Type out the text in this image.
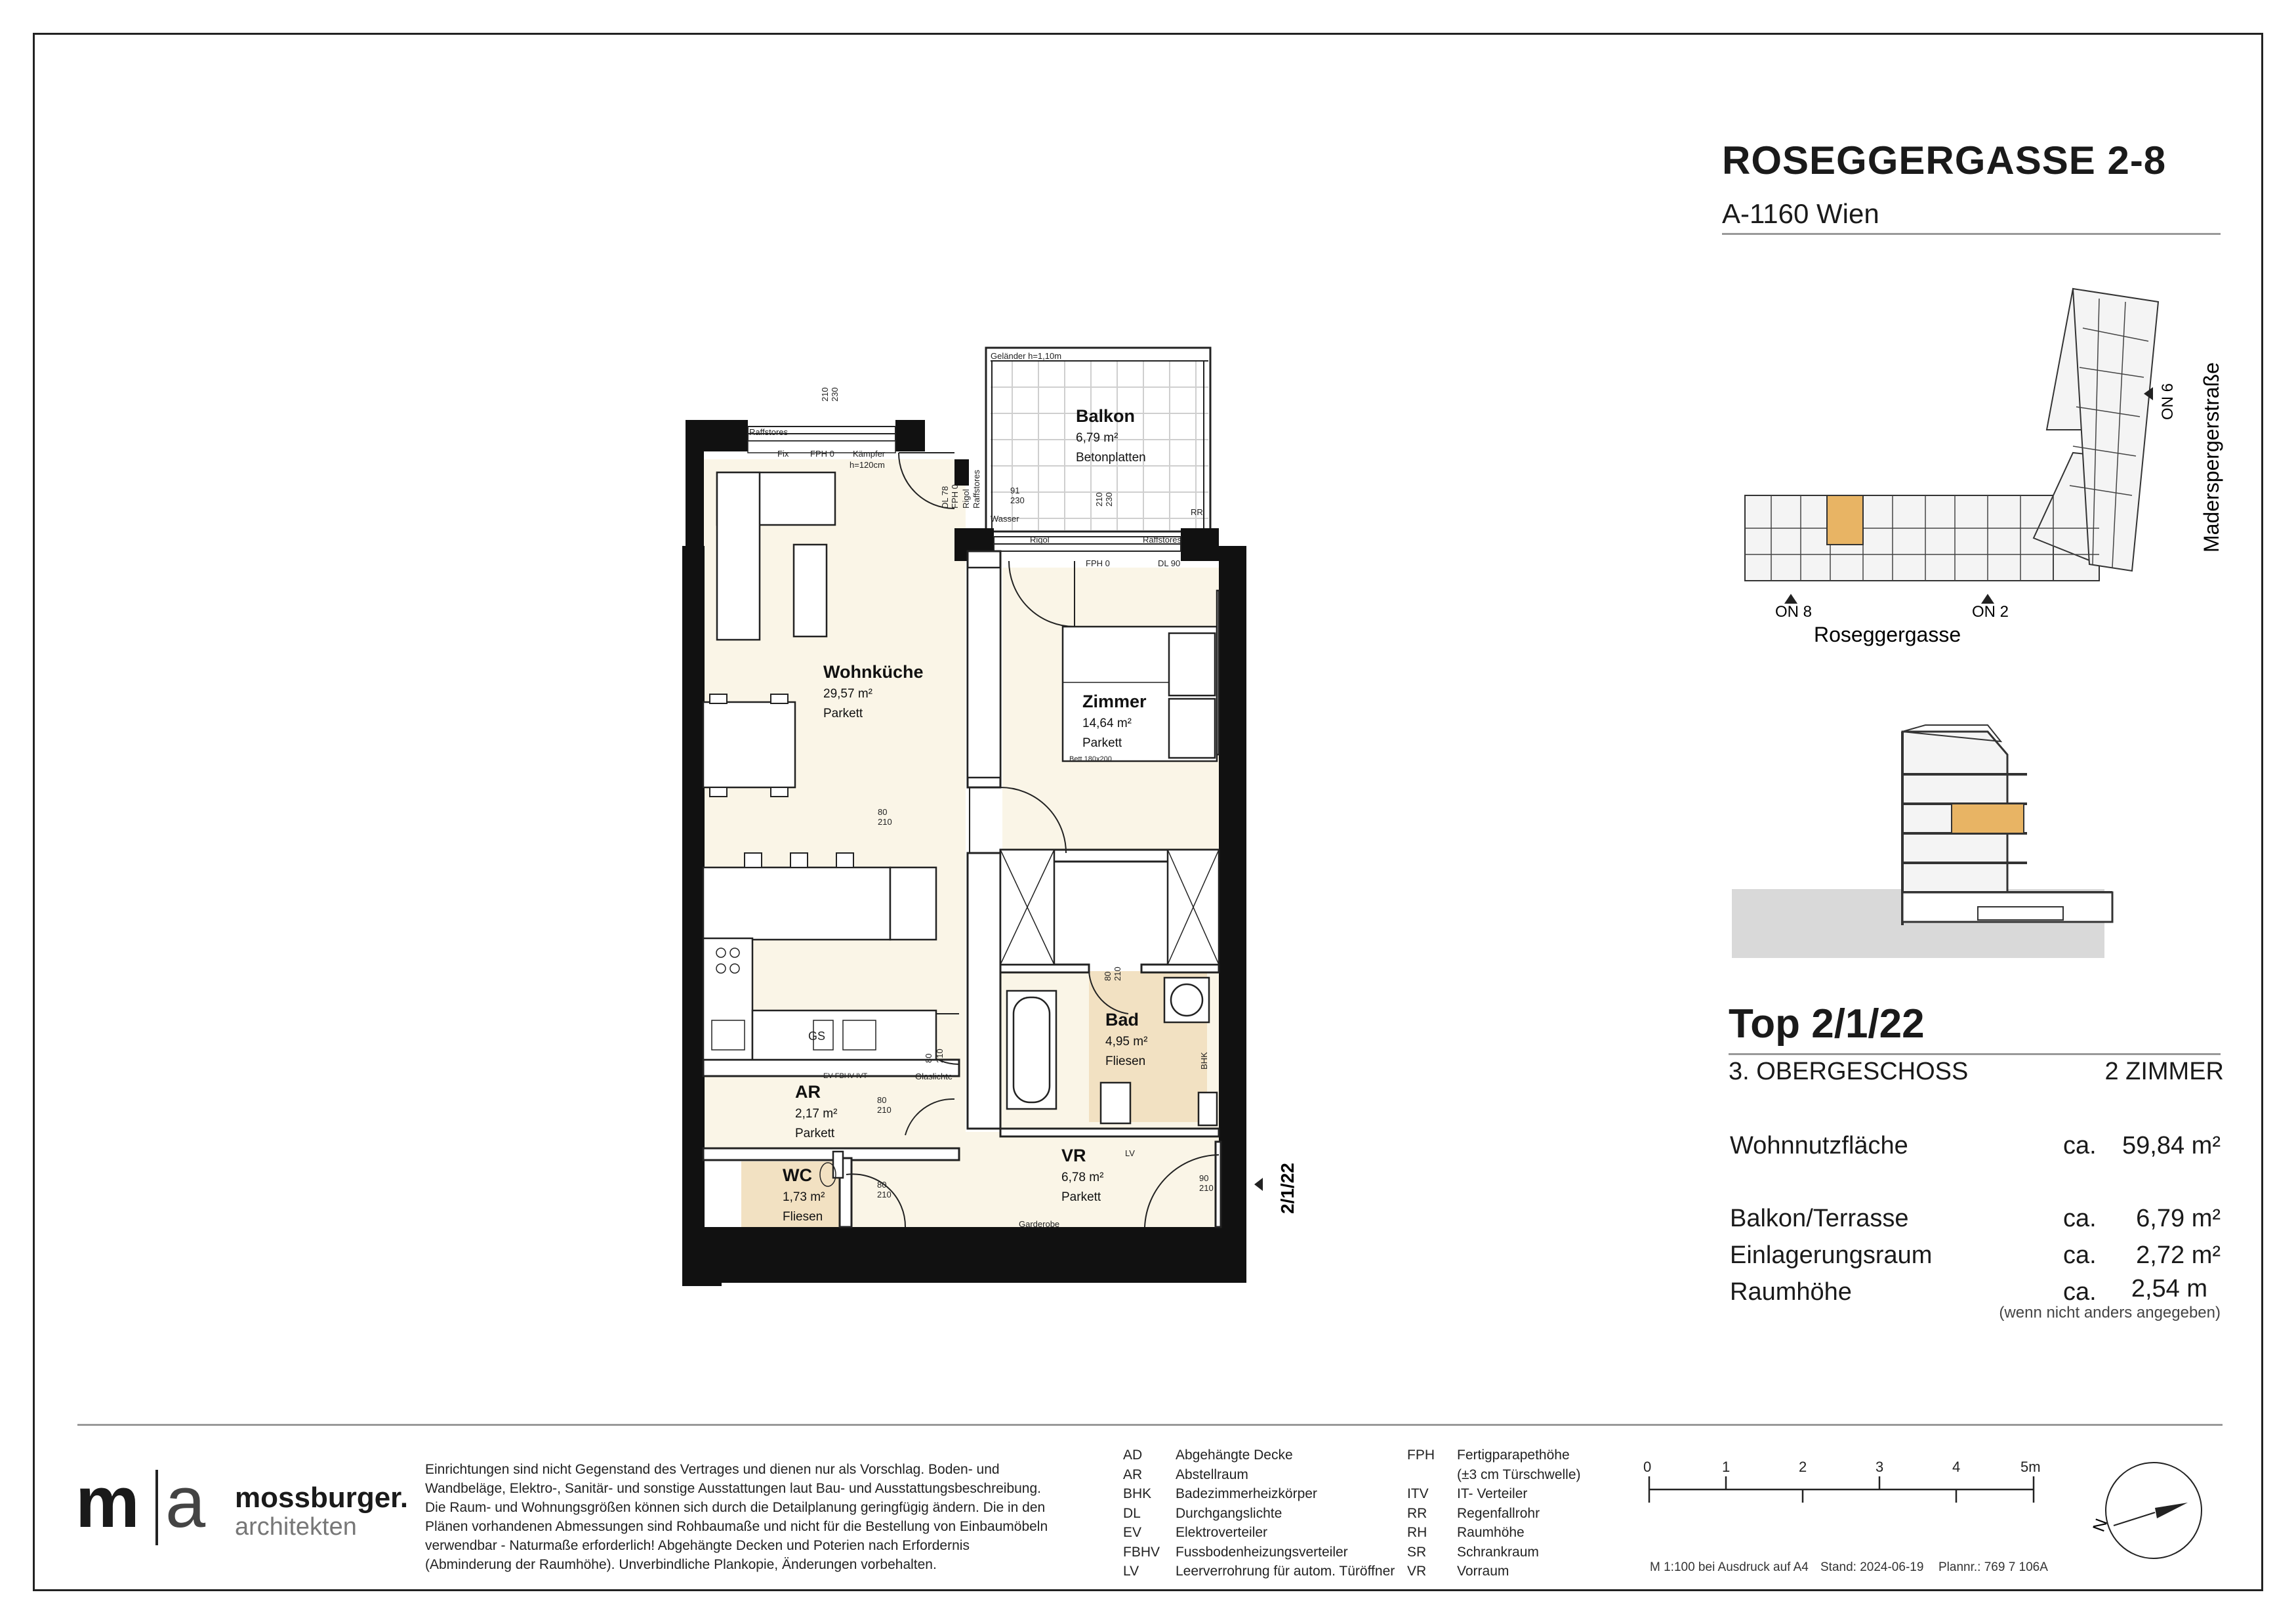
ROSEGGERGASSE 2-8
A-1160 Wien
Balkon
6,79 m²
Betonplatten
Wohnküche
29,57 m²
Parkett
Zimmer
14,64 m²
Parkett
Bad
4,95 m²
Fliesen
AR
2,17 m²
Parkett
WC
1,73 m²
Fliesen
VR
6,78 m²
Parkett
Geländer h=1,10m
Raffstores
Fix	FPH 0 Kämpfer
h=120cm
Wasser
Rigol	Raffstores
RR
FPH 0	DL 90
Bett 180x200
GS
Glaslichte
EV FBHV IVT
Garderobe
LV
80
210
80
210
80
210
90
210
91
230
210 230
210 230
DL 78 FPH 0 Rigol Raffstores
80 210
80 210
BHK
2/1/22
ON 8	ON 2
ON 6
Roseggergasse
Maderspergerstraße
0	1	2	3	4	5m
N
Top 2/1/22
3. OBERGESCHOSS	2 ZIMMER
Wohnnutzfläche	ca.	59,84 m²
Balkon/Terrasse	ca.	6,79 m²
Einlagerungsraum	ca.	2,72 m²
Raumhöhe	ca.	2,54 m
(wenn nicht anders angegeben)
m a mossburger.
architekten
Einrichtungen sind nicht Gegenstand des Vertrages und dienen nur als Vorschlag. Boden- und Wandbeläge, Elektro-, Sanitär- und sonstige Ausstattungen laut Bau- und Ausstattungsbeschreibung. Die Raum- und Wohnungsgrößen können sich durch die Detailplanung geringfügig ändern. Die in den Plänen vorhandenen Abmessungen sind Rohbaumaße und nicht für die Bestellung von Einbaumöbeln verwendbar - Naturmaße erforderlich! Abgehängte Decken und Poterien nach Erfordernis (Abminderung der Raumhöhe). Unverbindliche Plankopie, Änderungen vorbehalten.
AD Abgehängte Decke
AR Abstellraum
BHK Badezimmerheizkörper
DL	Durchgangslichte
EV Elektroverteiler
FBHV Fussbodenheizungsverteiler
LV	Leerverrohrung für autom. Türöffner
FPH Fertigparapethöhe
(±3 cm Türschwelle)
ITV IT- Verteiler
RR Regenfallrohr
RH Raumhöhe
SR Schrankraum
VR Vorraum	M 1:100 bei Ausdruck auf A4 Stand: 2024-06-19 Plannr.: 769 7 106A
